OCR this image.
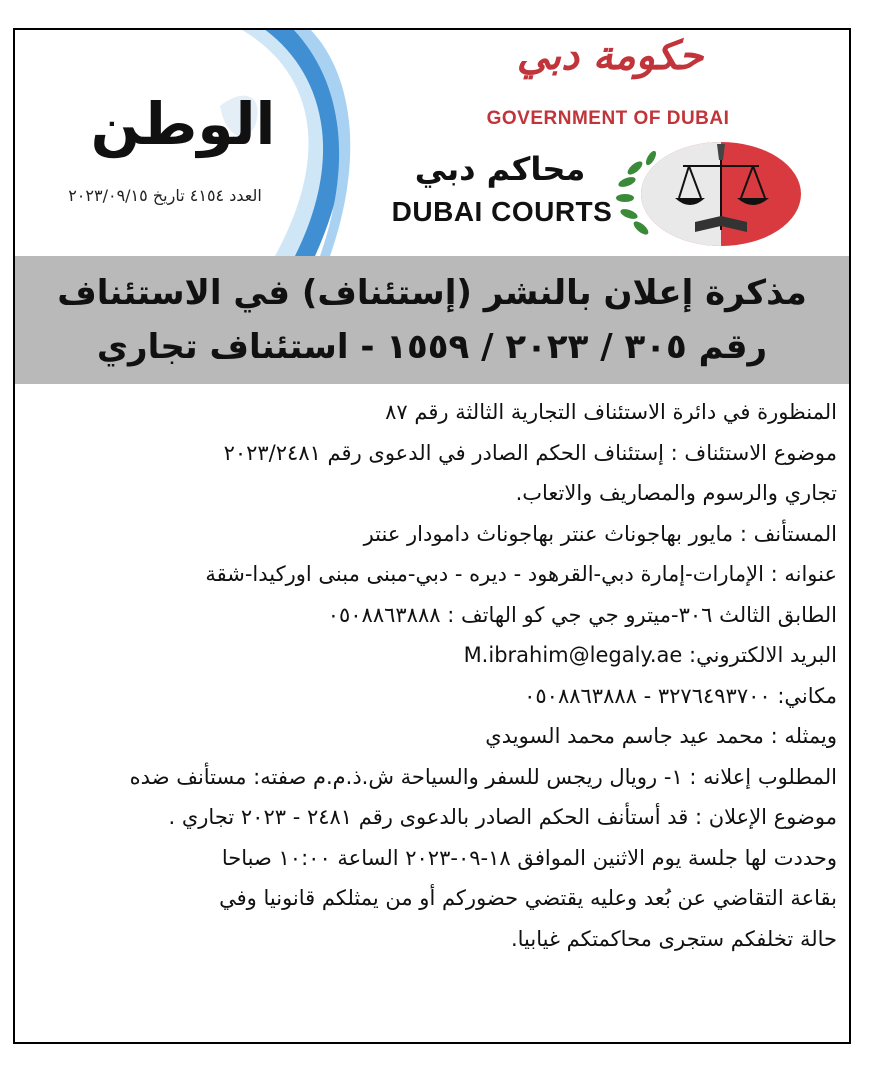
الوطن
العدد ٤١٥٤ تاريخ ٢٠٢٣/٠٩/١٥
حكومة دبي
GOVERNMENT OF DUBAI
محاكم دبي
DUBAI COURTS
مذكرة إعلان بالنشر (إستئناف) في الاستئناف
رقم ٣٠٥ / ٢٠٢٣ / ١٥٥٩ - استئناف تجاري
المنظورة في دائرة الاستئناف التجارية الثالثة رقم ٨٧
موضوع الاستئناف : إستئناف الحكم الصادر في الدعوى رقم ٢٠٢٣/٢٤٨١
تجاري والرسوم والمصاريف والاتعاب.
المستأنف : مايور بهاجوناث عنتر بهاجوناث دامودار عنتر
عنوانه : الإمارات-إمارة دبي-القرهود - ديره - دبي-مبنى مبنى اوركيدا-شقة
الطابق الثالث ٣٠٦-ميترو جي جي كو الهاتف : ٠٥٠٨٨٦٣٨٨٨
البريد الالكتروني: M.ibrahim@legaly.ae
مكاني: ٣٢٧٦٤٩٣٧٠٠ - ٠٥٠٨٨٦٣٨٨٨
ويمثله : محمد عيد جاسم محمد السويدي
المطلوب إعلانه : ١- رويال ريجس للسفر والسياحة ش.ذ.م.م صفته: مستأنف ضده
موضوع الإعلان : قد أستأنف الحكم الصادر بالدعوى رقم ٢٤٨١ - ٢٠٢٣ تجاري .
وحددت لها جلسة يوم الاثنين الموافق ١٨-٠٩-٢٠٢٣ الساعة ١٠:٠٠ صباحا
بقاعة التقاضي عن بُعد وعليه يقتضي حضوركم أو من يمثلكم قانونيا وفي
حالة تخلفكم ستجرى محاكمتكم غيابيا.
